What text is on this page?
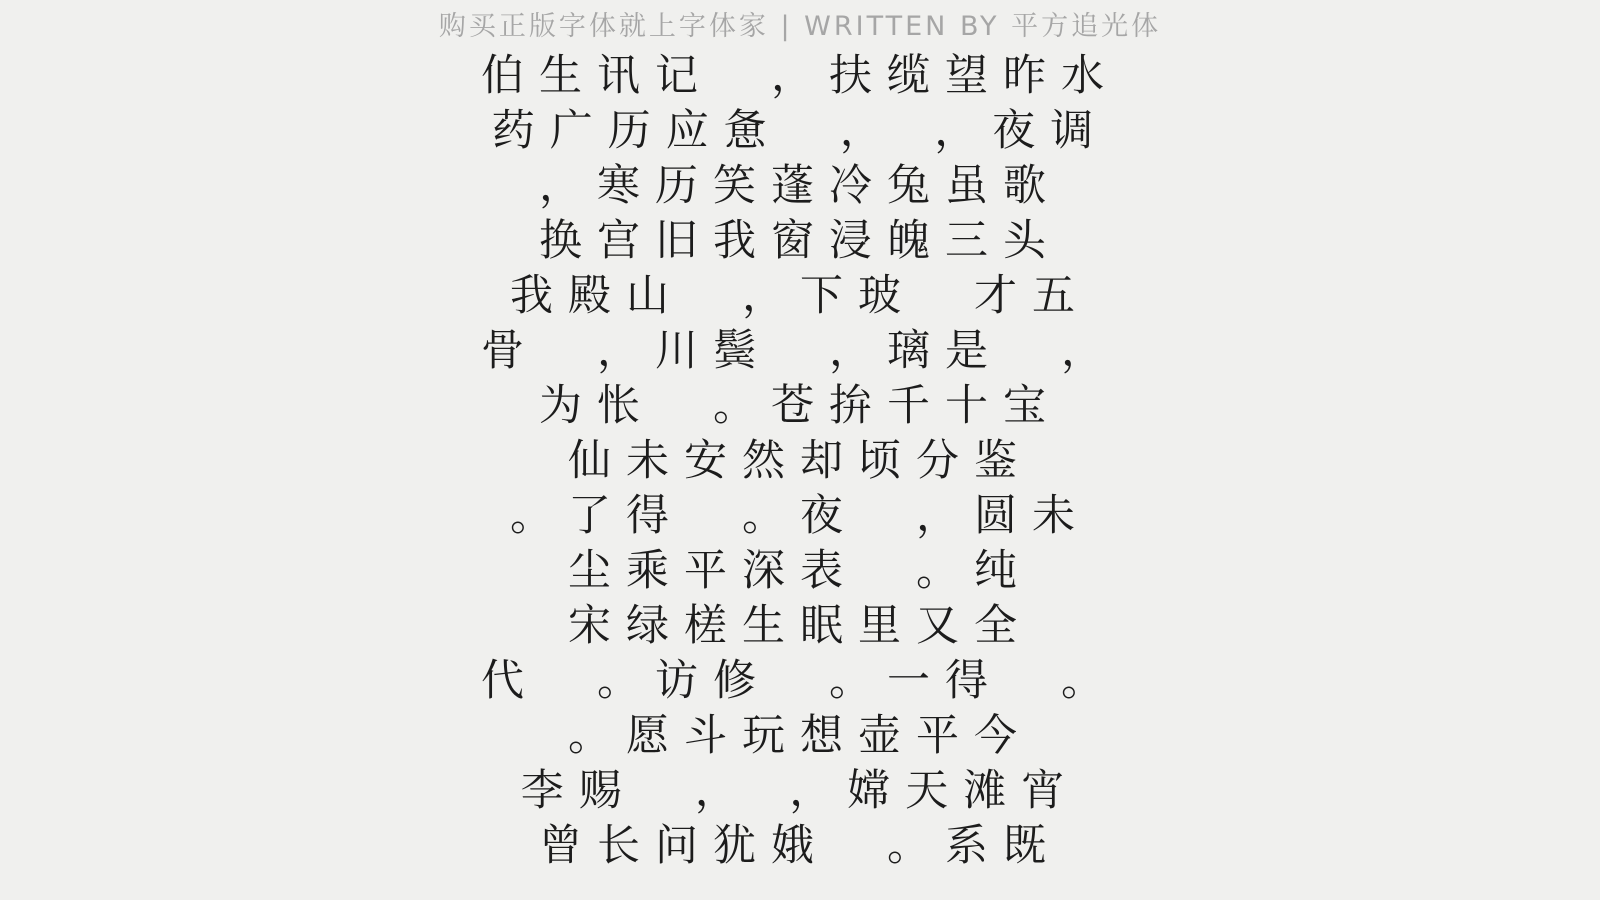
购买正版字体就上字体家 | WRITTEN BY 平方追光体
伯生讯记　，扶缆望昨水
药广历应惫　，　，夜调
，寒历笑蓬冷兔虽歌
换宫旧我窗浸魄三头
我殿山　，下玻　才五
骨　，川鬓　，璃是　，
为怅　。苍拚千十宝
仙未安然却顷分鉴
。了得　。夜　，圆未
尘乘平深表　。纯
宋绿槎生眠里又全
代　。访修　。一得　。
。愿斗玩想壶平今
李赐　，　，嫦天滩宵
曾长问犹娥　。系既
